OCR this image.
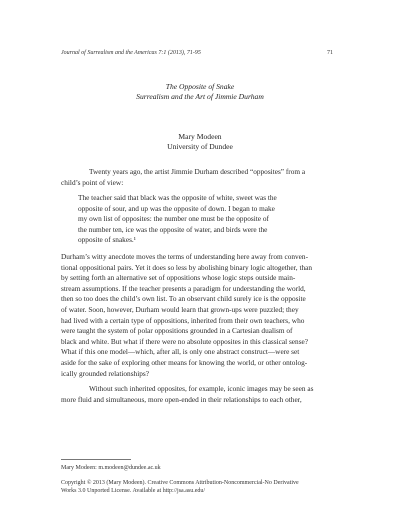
Journal of Surrealism and the Americas 7:1 (2013), 71-95	71
The Opposite of Snake
Surrealism and the Art of Jimmie Durham
Mary Modeen
University of Dundee
Twenty years ago, the artist Jimmie Durham described “opposites” from a
child’s point of view:
The teacher said that black was the opposite of white, sweet was the
opposite of sour, and up was the opposite of down. I began to make
my own list of opposites: the number one must be the opposite of
the number ten, ice was the opposite of water, and birds were the
opposite of snakes.¹
Durham’s witty anecdote moves the terms of understanding here away from conven-
tional oppositional pairs. Yet it does so less by abolishing binary logic altogether, than
by setting forth an alternative set of oppositions whose logic steps outside main-
stream assumptions. If the teacher presents a paradigm for understanding the world,
then so too does the child’s own list. To an observant child surely ice is the opposite
of water. Soon, however, Durham would learn that grown-ups were puzzled; they
had lived with a certain type of oppositions, inherited from their own teachers, who
were taught the system of polar oppositions grounded in a Cartesian dualism of
black and white. But what if there were no absolute opposites in this classical sense?
What if this one model—which, after all, is only one abstract construct—were set
aside for the sake of exploring other means for knowing the world, or other ontolog-
ically grounded relationships?
Without such inherited opposites, for example, iconic images may be seen as
more fluid and simultaneous, more open-ended in their relationships to each other,
Mary Modeen: m.modeen@dundee.ac.uk
Copyright © 2013 (Mary Modeen). Creative Commons Attribution-Noncommercial-No Derivative
Works 3.0 Unported License. Available at http://jsa.asu.edu/
